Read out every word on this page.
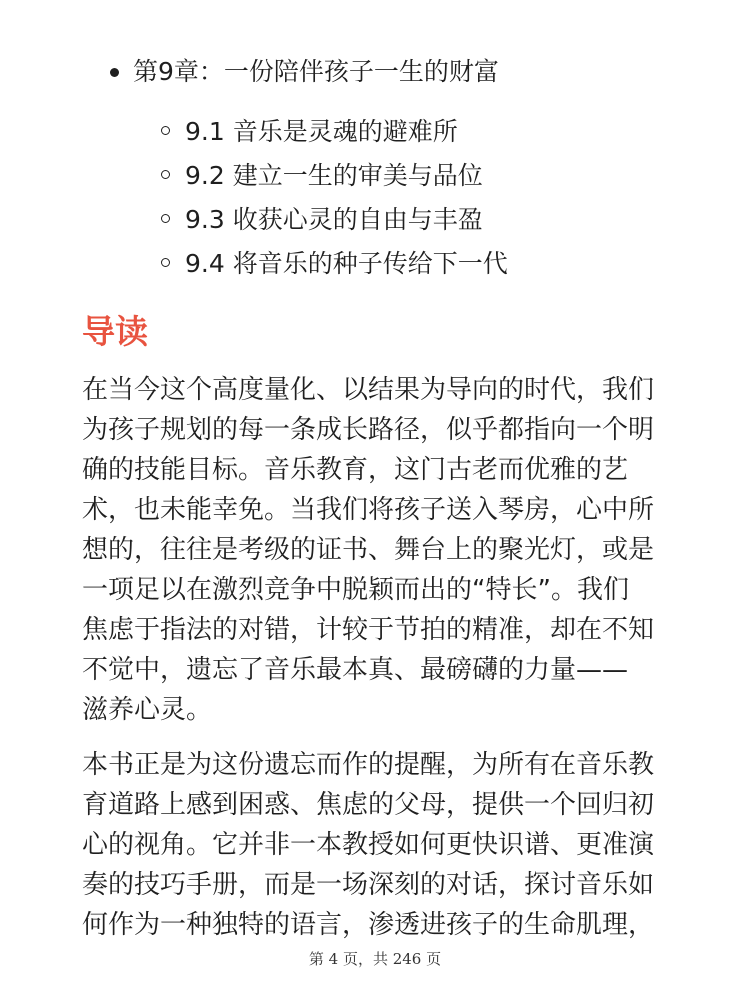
第9章：一份陪伴孩子一生的财富
9.1 音乐是灵魂的避难所
9.2 建立一生的审美与品位
9.3 收获心灵的自由与丰盈
9.4 将音乐的种子传给下一代
导读

在当今这个高度量化、以结果为导向的时代，我们
为孩子规划的每一条成长路径，似乎都指向一个明
确的技能目标。音乐教育，这门古老而优雅的艺
术，也未能幸免。当我们将孩子送入琴房，心中所
想的，往往是考级的证书、舞台上的聚光灯，或是
一项足以在激烈竞争中脱颖而出的“特长”。我们
焦虑于指法的对错，计较于节拍的精准，却在不知
不觉中，遗忘了音乐最本真、最磅礴的力量——
滋养心灵。

本书正是为这份遗忘而作的提醒，为所有在音乐教
育道路上感到困惑、焦虑的父母，提供一个回归初
心的视角。它并非一本教授如何更快识谱、更准演
奏的技巧手册，而是一场深刻的对话，探讨音乐如
何作为一种独特的语言，渗透进孩子的生命肌理，

第 4 页，共 246 页
